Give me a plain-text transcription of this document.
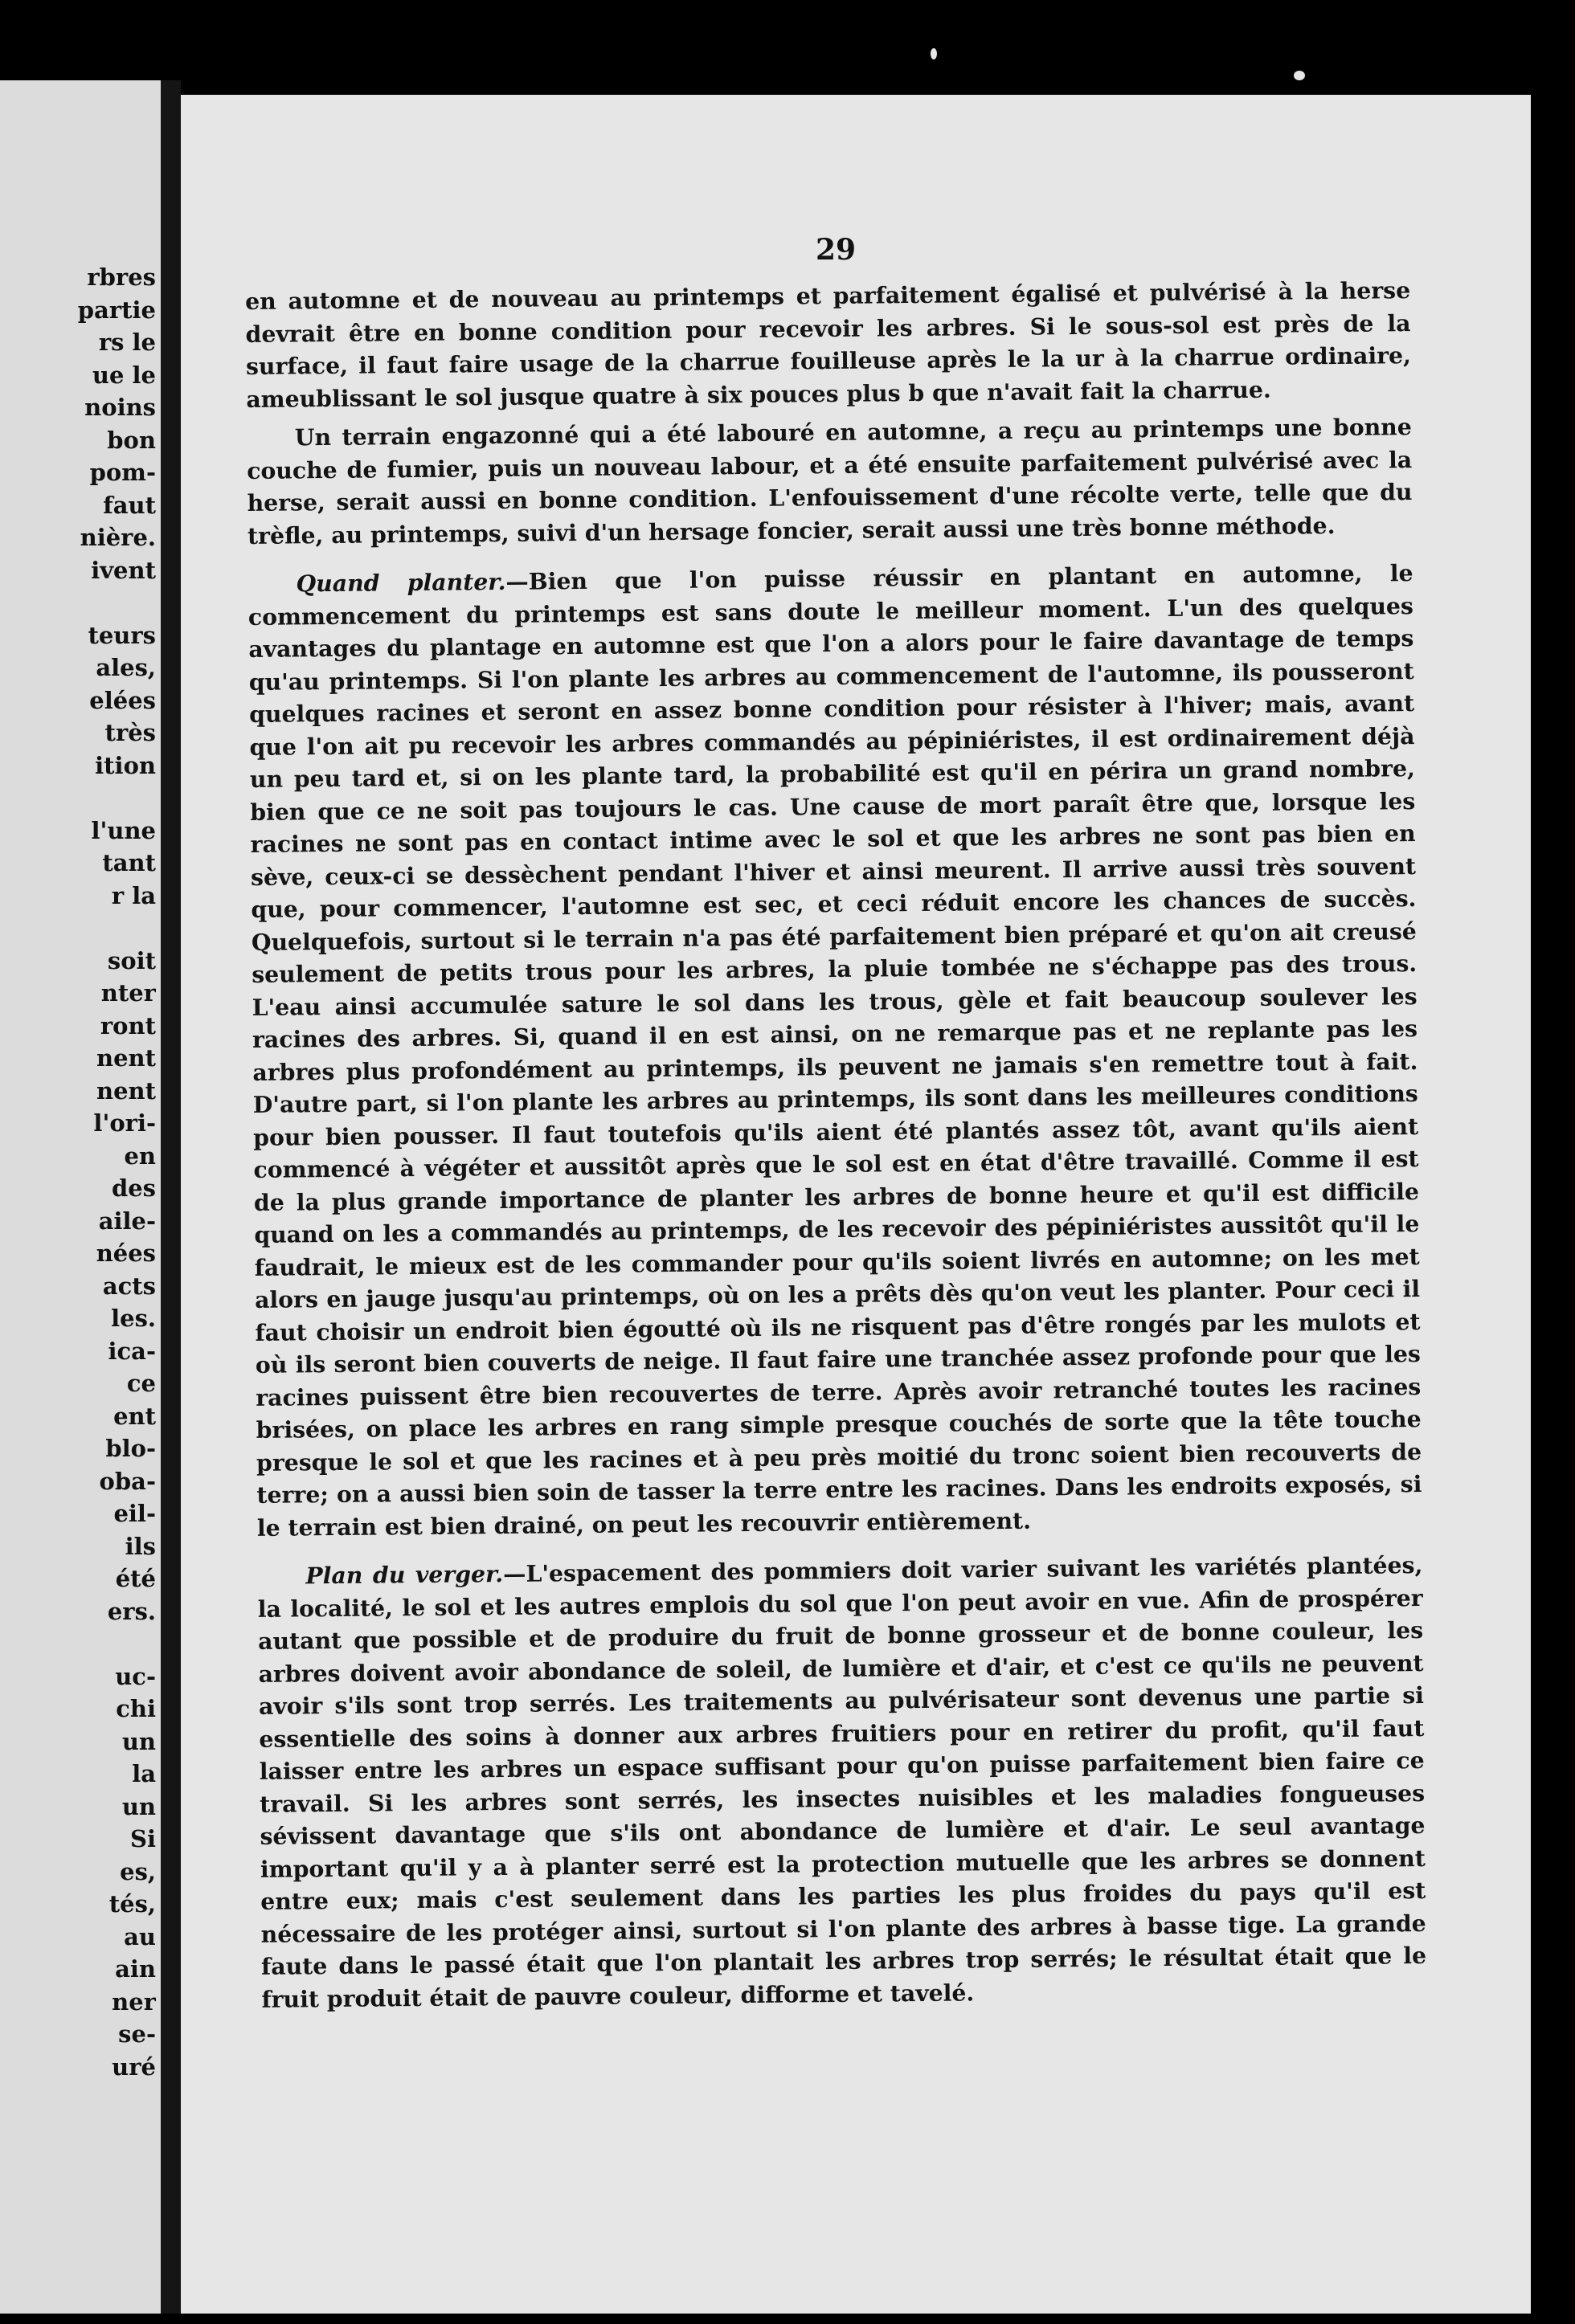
rbres
partie
rs le
ue le
noins
bon
pom-
faut
nière.
ivent
teurs
ales,
elées
très
ition
l'une
tant
r la
soit
nter
ront
nent
nent
l'ori-
en
des
aile-
nées
acts
les.
ica-
ce
ent
blo-
oba-
eil-
ils
été
ers.
uc-
chi
un
la
un
Si
es,
tés,
au
ain
ner
se-
uré
29

en automne et de nouveau au printemps et parfaitement égalisé et pulvérisé à la herse devrait être en bonne condition pour recevoir les arbres. Si le sous-sol est près de la surface, il faut faire usage de la charrue fouilleuse après le la ur à la charrue ordinaire, ameublissant le sol jusque quatre à six pouces plus b que n'avait fait la charrue.

Un terrain engazonné qui a été labouré en automne, a reçu au printemps une bonne couche de fumier, puis un nouveau labour, et a été ensuite parfaitement pulvérisé avec la herse, serait aussi en bonne condition. L'enfouissement d'une récolte verte, telle que du trèfle, au printemps, suivi d'un hersage foncier, serait aussi une très bonne méthode.

Quand planter.—Bien que l'on puisse réussir en plantant en automne, le commencement du printemps est sans doute le meilleur moment. L'un des quelques avantages du plantage en automne est que l'on a alors pour le faire davantage de temps qu'au printemps. Si l'on plante les arbres au commencement de l'automne, ils pousseront quelques racines et seront en assez bonne condition pour résister à l'hiver; mais, avant que l'on ait pu recevoir les arbres commandés au pépiniéristes, il est ordinairement déjà un peu tard et, si on les plante tard, la probabilité est qu'il en périra un grand nombre, bien que ce ne soit pas toujours le cas. Une cause de mort paraît être que, lorsque les racines ne sont pas en contact intime avec le sol et que les arbres ne sont pas bien en sève, ceux-ci se dessèchent pendant l'hiver et ainsi meurent. Il arrive aussi très souvent que, pour commencer, l'automne est sec, et ceci réduit encore les chances de succès. Quelquefois, surtout si le terrain n'a pas été parfaitement bien préparé et qu'on ait creusé seulement de petits trous pour les arbres, la pluie tombée ne s'échappe pas des trous. L'eau ainsi accumulée sature le sol dans les trous, gèle et fait beaucoup soulever les racines des arbres. Si, quand il en est ainsi, on ne remarque pas et ne replante pas les arbres plus profondément au printemps, ils peuvent ne jamais s'en remettre tout à fait. D'autre part, si l'on plante les arbres au printemps, ils sont dans les meilleures conditions pour bien pousser. Il faut toutefois qu'ils aient été plantés assez tôt, avant qu'ils aient commencé à végéter et aussitôt après que le sol est en état d'être travaillé. Comme il est de la plus grande importance de planter les arbres de bonne heure et qu'il est difficile quand on les a commandés au printemps, de les recevoir des pépiniéristes aussitôt qu'il le faudrait, le mieux est de les commander pour qu'ils soient livrés en automne; on les met alors en jauge jusqu'au printemps, où on les a prêts dès qu'on veut les planter. Pour ceci il faut choisir un endroit bien égoutté où ils ne risquent pas d'être rongés par les mulots et où ils seront bien couverts de neige. Il faut faire une tranchée assez profonde pour que les racines puissent être bien recouvertes de terre. Après avoir retranché toutes les racines brisées, on place les arbres en rang simple presque couchés de sorte que la tête touche presque le sol et que les racines et à peu près moitié du tronc soient bien recouverts de terre; on a aussi bien soin de tasser la terre entre les racines. Dans les endroits exposés, si le terrain est bien drainé, on peut les recouvrir entièrement.

Plan du verger.—L'espacement des pommiers doit varier suivant les variétés plantées, la localité, le sol et les autres emplois du sol que l'on peut avoir en vue. Afin de prospérer autant que possible et de produire du fruit de bonne grosseur et de bonne couleur, les arbres doivent avoir abondance de soleil, de lumière et d'air, et c'est ce qu'ils ne peuvent avoir s'ils sont trop serrés. Les traitements au pulvérisateur sont devenus une partie si essentielle des soins à donner aux arbres fruitiers pour en retirer du profit, qu'il faut laisser entre les arbres un espace suffisant pour qu'on puisse parfaitement bien faire ce travail. Si les arbres sont serrés, les insectes nuisibles et les maladies fongueuses sévissent davantage que s'ils ont abondance de lumière et d'air. Le seul avantage important qu'il y a à planter serré est la protection mutuelle que les arbres se donnent entre eux; mais c'est seulement dans les parties les plus froides du pays qu'il est nécessaire de les protéger ainsi, surtout si l'on plante des arbres à basse tige. La grande faute dans le passé était que l'on plantait les arbres trop serrés; le résultat était que le fruit produit était de pauvre couleur, difforme et tavelé.
